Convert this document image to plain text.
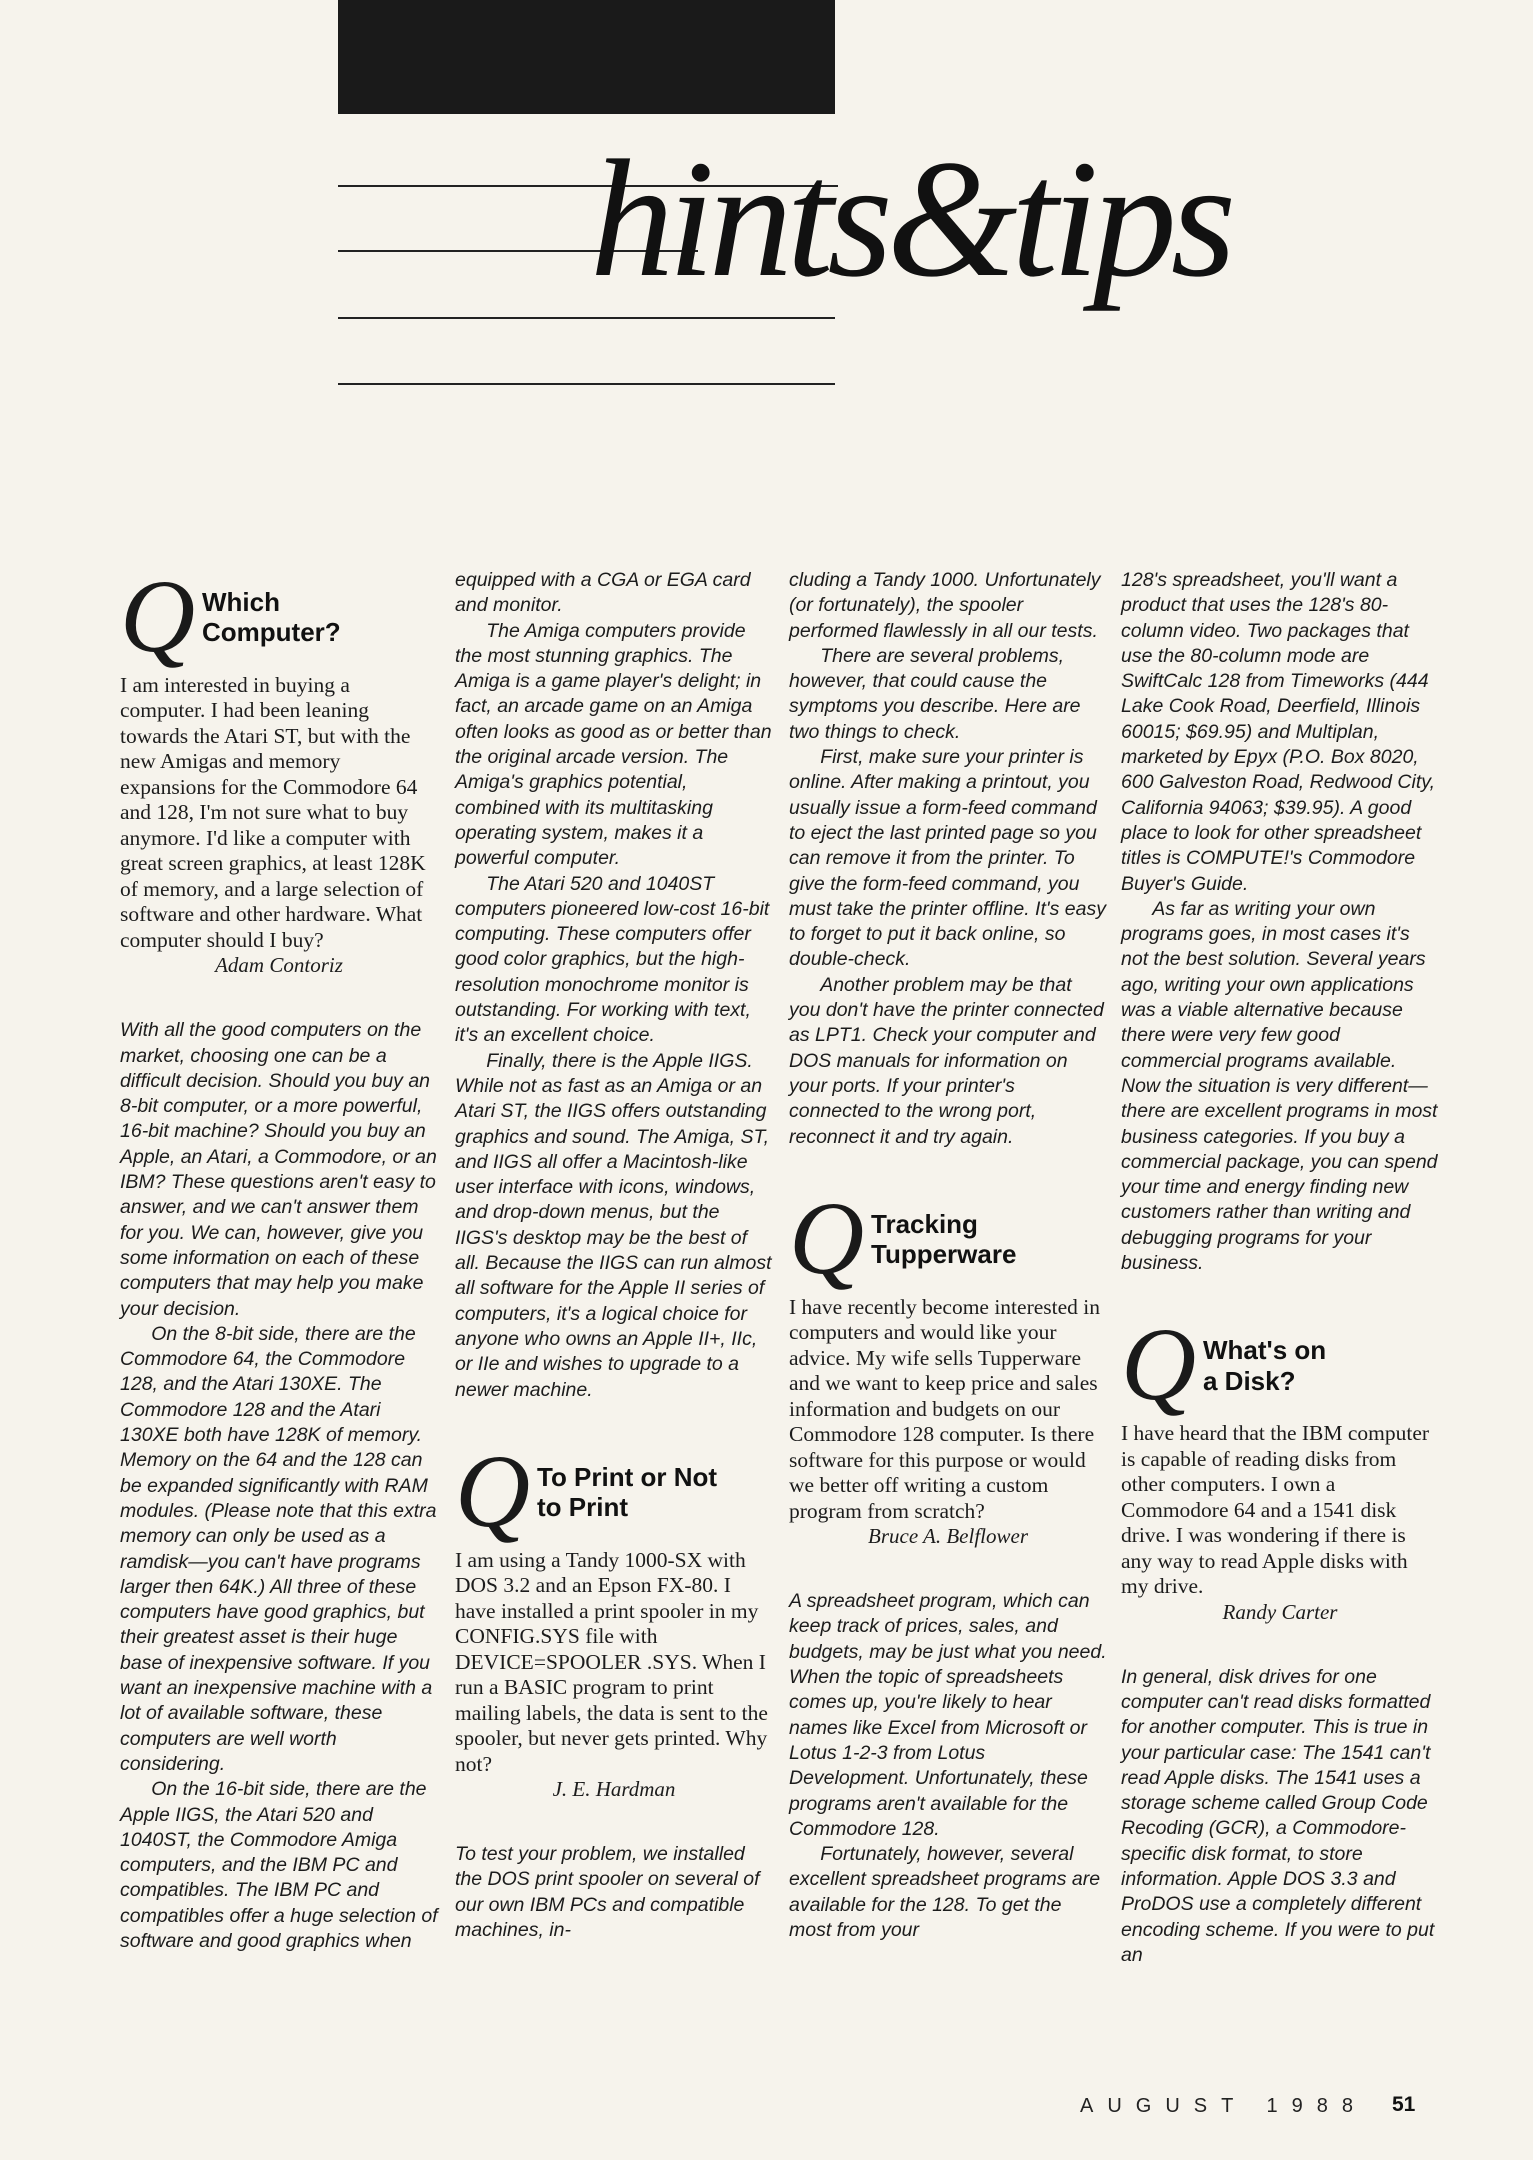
hints&tips
Q Which
Computer?

I am interested in buying a computer. I had been leaning towards the Atari ST, but with the new Amigas and memory expansions for the Commodore 64 and 128, I'm not sure what to buy anymore. I'd like a computer with great screen graphics, at least 128K of memory, and a large selection of software and other hardware. What computer should I buy?

Adam Contoriz

With all the good computers on the market, choosing one can be a difficult decision. Should you buy an 8-bit computer, or a more powerful, 16-bit machine? Should you buy an Apple, an Atari, a Commodore, or an IBM? These questions aren't easy to answer, and we can't answer them for you. We can, however, give you some information on each of these computers that may help you make your decision.

On the 8-bit side, there are the Commodore 64, the Commodore 128, and the Atari 130XE. The Commodore 128 and the Atari 130XE both have 128K of memory. Memory on the 64 and the 128 can be expanded significantly with RAM modules. (Please note that this extra memory can only be used as a ramdisk—you can't have programs larger then 64K.) All three of these computers have good graphics, but their greatest asset is their huge base of inexpensive software. If you want an inexpensive machine with a lot of available software, these computers are well worth considering.

On the 16-bit side, there are the Apple IIGS, the Atari 520 and 1040ST, the Commodore Amiga computers, and the IBM PC and compatibles. The IBM PC and compatibles offer a huge selection of software and good graphics when

equipped with a CGA or EGA card and monitor.

The Amiga computers provide the most stunning graphics. The Amiga is a game player's delight; in fact, an arcade game on an Amiga often looks as good as or better than the original arcade version. The Amiga's graphics potential, combined with its multitasking operating system, makes it a powerful computer.

The Atari 520 and 1040ST computers pioneered low-cost 16-bit computing. These computers offer good color graphics, but the high-resolution monochrome monitor is outstanding. For working with text, it's an excellent choice.

Finally, there is the Apple IIGS. While not as fast as an Amiga or an Atari ST, the IIGS offers outstanding graphics and sound. The Amiga, ST, and IIGS all offer a Macintosh-like user interface with icons, windows, and drop-down menus, but the IIGS's desktop may be the best of all. Because the IIGS can run almost all software for the Apple II series of computers, it's a logical choice for anyone who owns an Apple II+, IIc, or IIe and wishes to upgrade to a newer machine.

Q To Print or Not
to Print

I am using a Tandy 1000-SX with DOS 3.2 and an Epson FX-80. I have installed a print spooler in my CONFIG.SYS file with DEVICE=SPOOLER .SYS. When I run a BASIC program to print mailing labels, the data is sent to the spooler, but never gets printed. Why not?

J. E. Hardman

To test your problem, we installed the DOS print spooler on several of our own IBM PCs and compatible machines, in-

cluding a Tandy 1000. Unfortunately (or fortunately), the spooler performed flawlessly in all our tests.

There are several problems, however, that could cause the symptoms you describe. Here are two things to check.

First, make sure your printer is online. After making a printout, you usually issue a form-feed command to eject the last printed page so you can remove it from the printer. To give the form-feed command, you must take the printer offline. It's easy to forget to put it back online, so double-check.

Another problem may be that you don't have the printer connected as LPT1. Check your computer and DOS manuals for information on your ports. If your printer's connected to the wrong port, reconnect it and try again.

Q Tracking
Tupperware

I have recently become interested in computers and would like your advice. My wife sells Tupperware and we want to keep price and sales information and budgets on our Commodore 128 computer. Is there software for this purpose or would we better off writing a custom program from scratch?

Bruce A. Belflower

A spreadsheet program, which can keep track of prices, sales, and budgets, may be just what you need. When the topic of spreadsheets comes up, you're likely to hear names like Excel from Microsoft or Lotus 1-2-3 from Lotus Development. Unfortunately, these programs aren't available for the Commodore 128.

Fortunately, however, several excellent spreadsheet programs are available for the 128. To get the most from your

128's spreadsheet, you'll want a product that uses the 128's 80-column video. Two packages that use the 80-column mode are SwiftCalc 128 from Timeworks (444 Lake Cook Road, Deerfield, Illinois 60015; $69.95) and Multiplan, marketed by Epyx (P.O. Box 8020, 600 Galveston Road, Redwood City, California 94063; $39.95). A good place to look for other spreadsheet titles is COMPUTE!'s Commodore Buyer's Guide.

As far as writing your own programs goes, in most cases it's not the best solution. Several years ago, writing your own applications was a viable alternative because there were very few good commercial programs available. Now the situation is very different—there are excellent programs in most business categories. If you buy a commercial package, you can spend your time and energy finding new customers rather than writing and debugging programs for your business.

Q What's on
a Disk?

I have heard that the IBM computer is capable of reading disks from other computers. I own a Commodore 64 and a 1541 disk drive. I was wondering if there is any way to read Apple disks with my drive.

Randy Carter

In general, disk drives for one computer can't read disks formatted for another computer. This is true in your particular case: The 1541 can't read Apple disks. The 1541 uses a storage scheme called Group Code Recoding (GCR), a Commodore-specific disk format, to store information. Apple DOS 3.3 and ProDOS use a completely different encoding scheme. If you were to put an

AUGUST 1988 51
